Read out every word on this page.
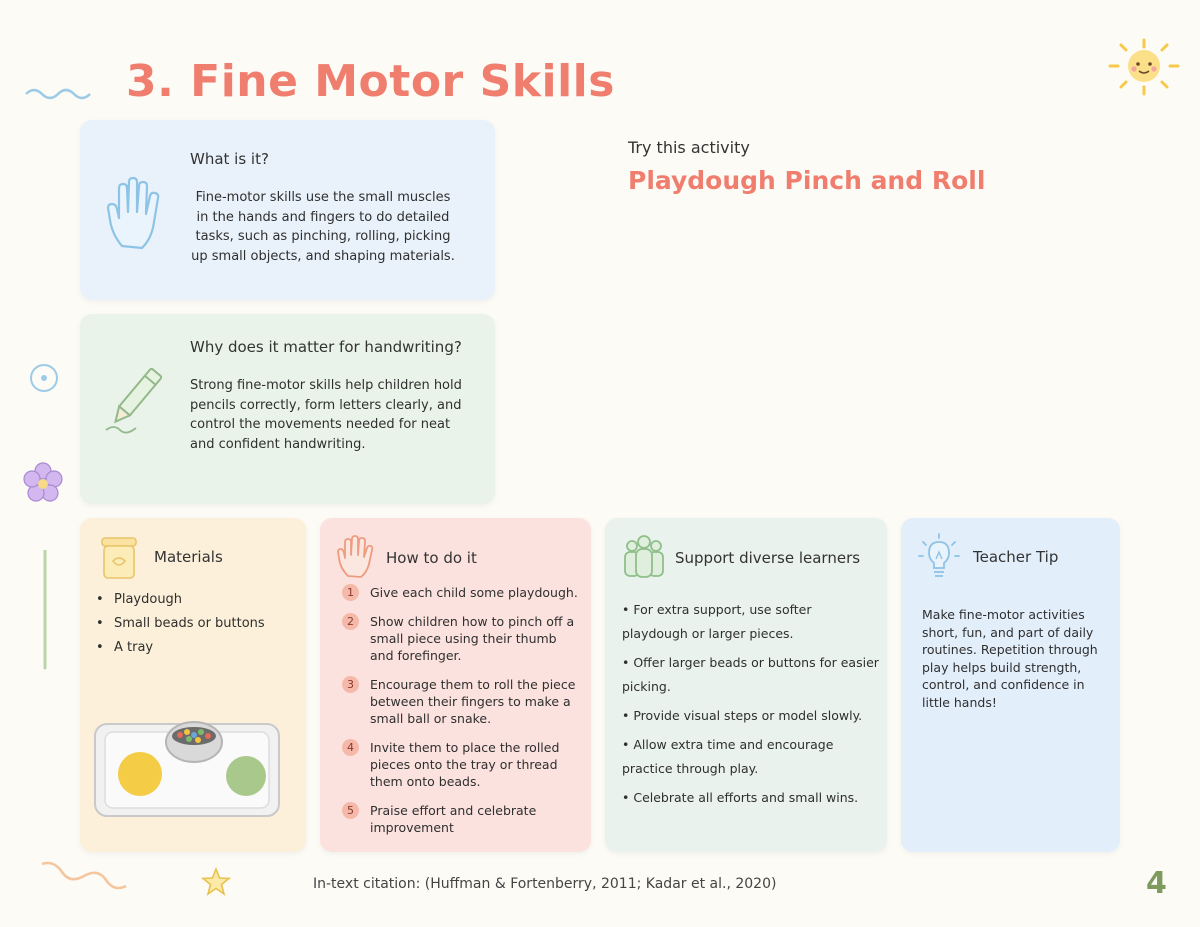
3. Fine Motor Skills
What is it?
Fine-motor skills use the small muscles in the hands and fingers to do detailed tasks, such as pinching, rolling, picking up small objects, and shaping materials.
Why does it matter for handwriting?
Strong fine-motor skills help children hold pencils correctly, form letters clearly, and control the movements needed for neat and confident handwriting.
Try this activity
Playdough Pinch and Roll
Materials
• Playdough
• Small beads or buttons
• A tray
How to do it
1	Give each child some playdough.
2	Show children how to pinch off a small piece using their thumb and forefinger.
3	Encourage them to roll the piece between their fingers to make a small ball or snake.
4	Invite them to place the rolled pieces onto the tray or thread them onto beads.
5	Praise effort and celebrate improvement
Support diverse learners
• For extra support, use softer playdough or larger pieces.
• Offer larger beads or buttons for easier picking.
• Provide visual steps or model slowly.
• Allow extra time and encourage practice through play.
• Celebrate all efforts and small wins.
Teacher Tip
Make fine-motor activities short, fun, and part of daily routines. Repetition through play helps build strength, control, and confidence in little hands!
In-text citation: (Huffman & Fortenberry, 2011; Kadar et al., 2020)	4
